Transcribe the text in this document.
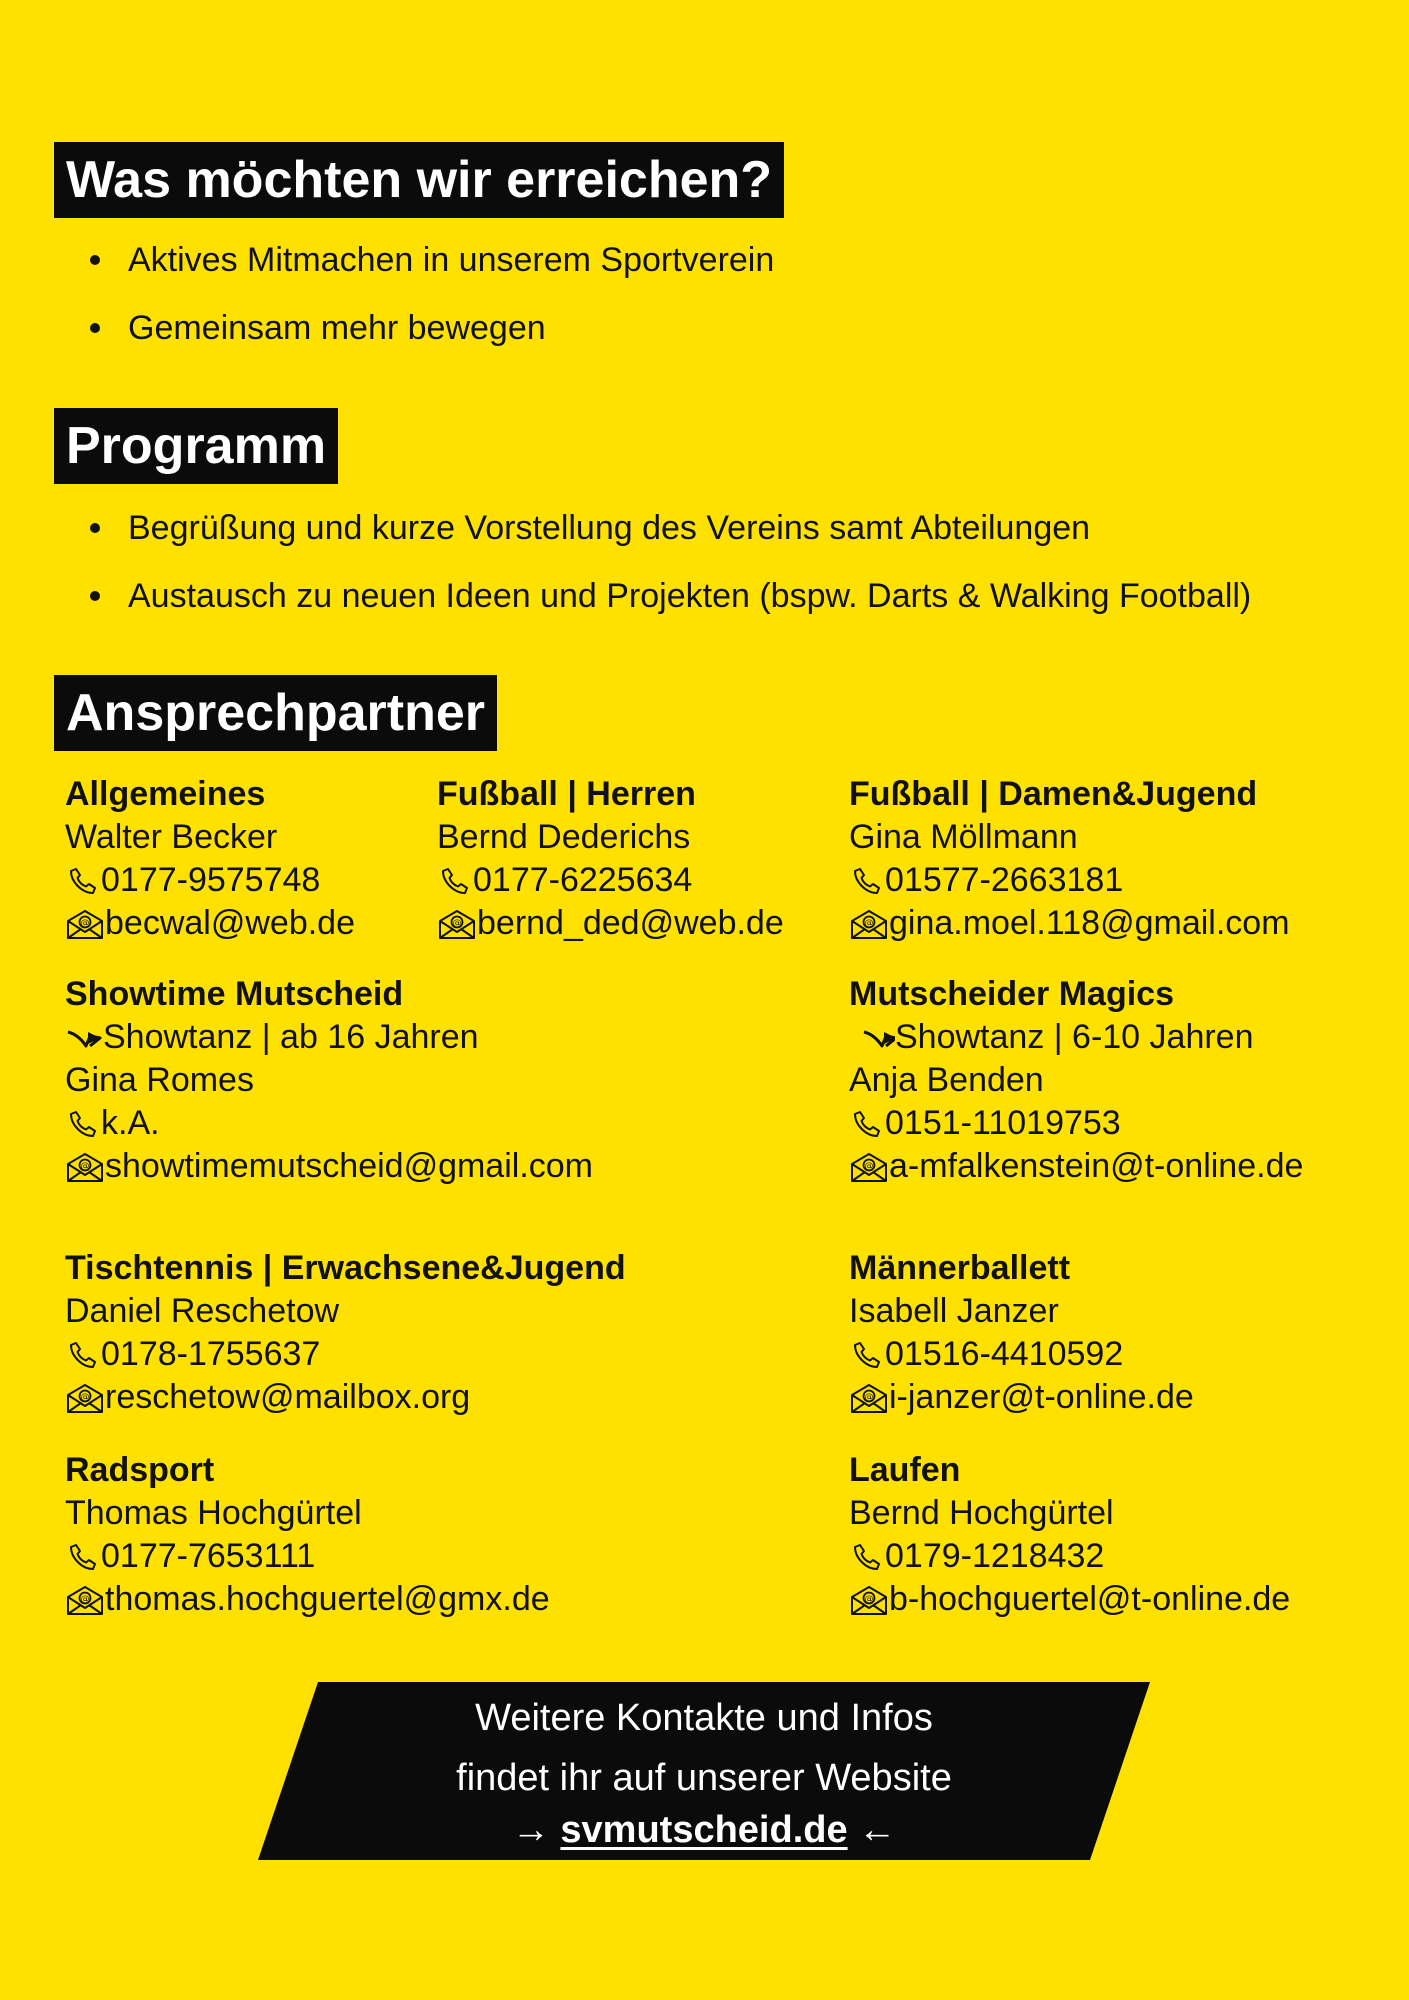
Was möchten wir erreichen?
Aktives Mitmachen in unserem Sportverein
Gemeinsam mehr bewegen
Programm
Begrüßung und kurze Vorstellung des Vereins samt Abteilungen
Austausch zu neuen Ideen und Projekten (bspw. Darts & Walking Football)
Ansprechpartner
Allgemeines
Walter Becker
0177-9575748
becwal@web.de
Fußball | Herren
Bernd Dederichs
0177-6225634
bernd_ded@web.de
Fußball | Damen&Jugend
Gina Möllmann
01577-2663181
gina.moel.118@gmail.com
Showtime Mutscheid
Showtanz | ab 16 Jahren
Gina Romes
k.A.
showtimemutscheid@gmail.com
Mutscheider Magics
Showtanz | 6-10 Jahren
Anja Benden
0151-11019753
a-mfalkenstein@t-online.de
Tischtennis | Erwachsene&Jugend
Daniel Reschetow
0178-1755637
reschetow@mailbox.org
Männerballett
Isabell Janzer
01516-4410592
i-janzer@t-online.de
Radsport
Thomas Hochgürtel
0177-7653111
thomas.hochguertel@gmx.de
Laufen
Bernd Hochgürtel
0179-1218432
b-hochguertel@t-online.de
Weitere Kontakte und Infos
findet ihr auf unserer Website
→ svmutscheid.de ←
